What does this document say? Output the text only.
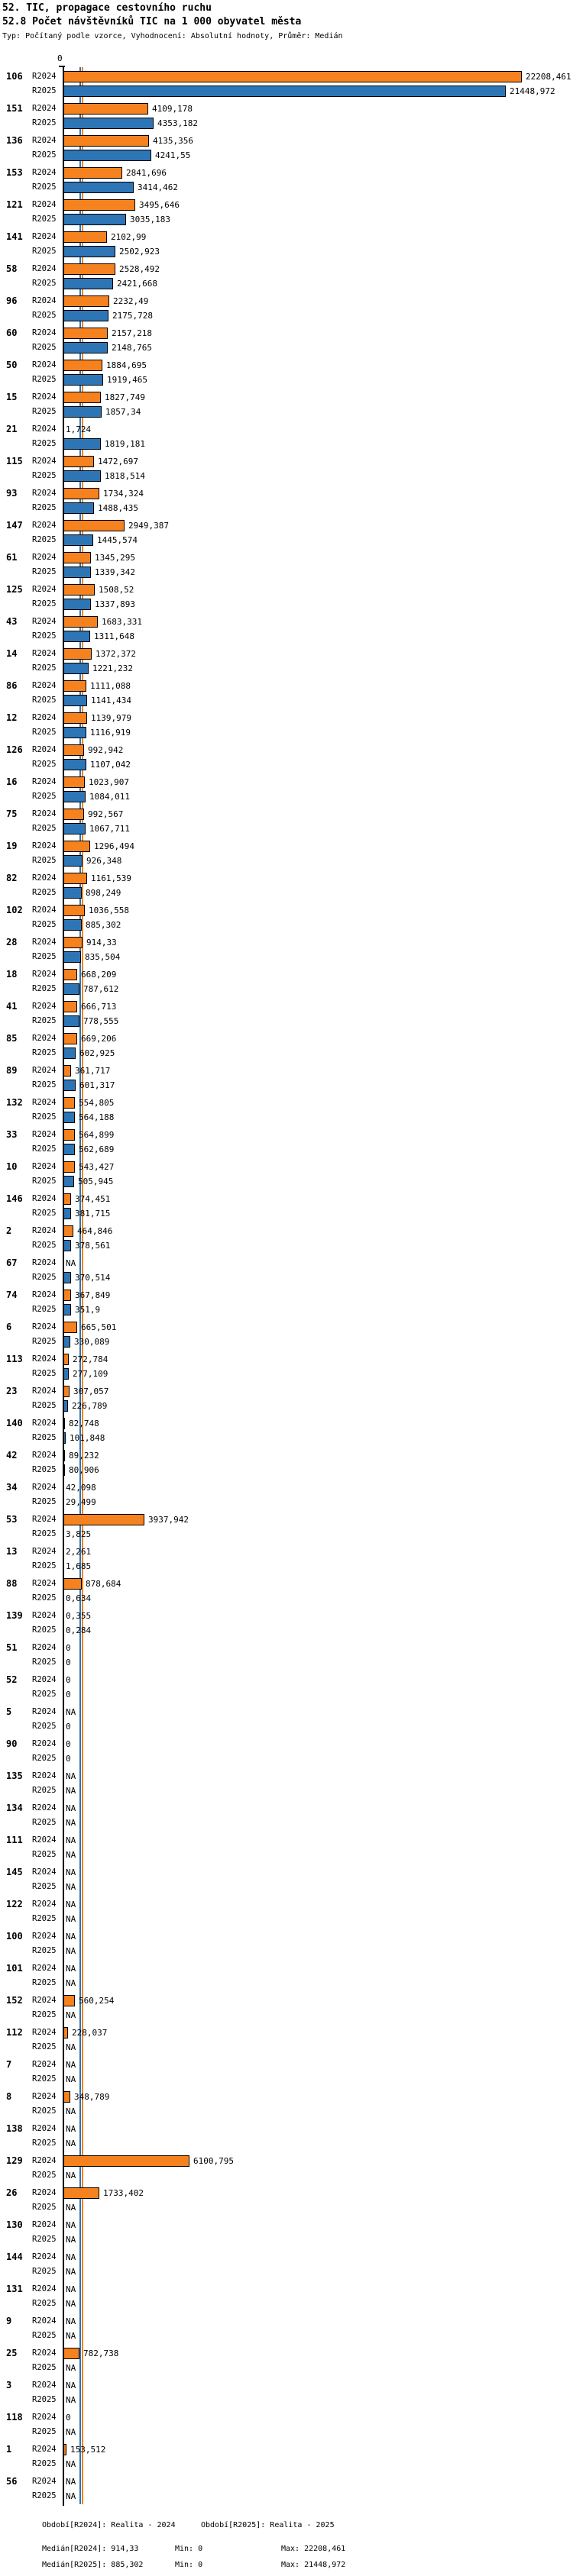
52. TIC, propagace cestovního ruchu
52.8 Počet návštěvníků TIC na 1 000 obyvatel města
Typ: Počítaný podle vzorce, Vyhodnocení: Absolutní hodnoty, Průměr: Medián
0
106	R2024	22208,461
R2025	21448,972
151	R2024	4109,178
R2025	4353,182
136	R2024	4135,356
R2025	4241,55
153	R2024	2841,696
R2025	3414,462
121	R2024	3495,646
R2025	3035,183
141	R2024	2102,99
R2025	2502,923
58	R2024	2528,492
R2025	2421,668
96	R2024	2232,49
R2025	2175,728
60	R2024	2157,218
R2025	2148,765
50	R2024	1884,695
R2025	1919,465
15	R2024	1827,749
R2025	1857,34
21	R2024 1,724
R2025	1819,181
115	R2024	1472,697
R2025	1818,514
93	R2024	1734,324
R2025	1488,435
147	R2024	2949,387
R2025	1445,574
61	R2024	1345,295
R2025	1339,342
125	R2024	1508,52
R2025	1337,893
43	R2024	1683,331
R2025	1311,648
14	R2024	1372,372
R2025	1221,232
86	R2024	1111,088
R2025	1141,434
12	R2024	1139,979
R2025	1116,919
126	R2024	992,942
R2025	1107,042
16	R2024	1023,907
R2025	1084,011
75	R2024	992,567
R2025	1067,711
19	R2024	1296,494
R2025	926,348
82	R2024	1161,539
R2025	898,249
102	R2024	1036,558
R2025	885,302
28	R2024	914,33
R2025	835,504
18	R2024	668,209
R2025	787,612
41	R2024	666,713
R2025	778,555
85	R2024	669,206
R2025	602,925
89	R2024 361,717
R2025	601,317
132	R2024	554,805
R2025	564,188
33	R2024	564,899
R2025	562,689
10	R2024	543,427
R2025	505,945
146	R2024 374,451
R2025 381,715
2	R2024 464,846
R2025 378,561
67	R2024 NA
R2025 370,514
74	R2024 367,849
R2025 351,9
6	R2024	665,501
R2025 330,089
113	R2024 272,784
R2025 277,109
23	R2024 307,057
R2025 226,789
140	R2024 82,748
R2025 101,848
42	R2024 89,232
R2025 80,906
34	R2024 42,098
R2025 29,499
53	R2024	3937,942
R2025 3,825
13	R2024 2,261
R2025 1,685
88	R2024	878,684
R2025 0,634
139	R2024 0,355
R2025 0,284
51	R2024 0
R2025 0
52	R2024 0
R2025 0
5	R2024 NA
R2025 0
90	R2024 0
R2025 0
135	R2024 NA
R2025 NA
134	R2024 NA
R2025 NA
111	R2024 NA
R2025 NA
145	R2024 NA
R2025 NA
122	R2024 NA
R2025 NA
100	R2024 NA
R2025 NA
101	R2024 NA
R2025 NA
152	R2024	560,254
R2025 NA
112	R2024 228,037
R2025 NA
7	R2024 NA
R2025 NA
8	R2024 348,789
R2025 NA
138	R2024 NA
R2025 NA
129	R2024	6100,795
R2025 NA
26	R2024	1733,402
R2025 NA
130	R2024 NA
R2025 NA
144	R2024 NA
R2025 NA
131	R2024 NA
R2025 NA
9	R2024 NA
R2025 NA
25	R2024	782,738
R2025 NA
3	R2024 NA
R2025 NA
118	R2024 0
R2025 NA
1	R2024 153,512
R2025 NA
56	R2024 NA
R2025 NA
Období[R2024]: Realita - 2024	Období[R2025]: Realita - 2025
Medián[R2024]: 914,33	Min: 0	Max: 22208,461
Medián[R2025]: 885,302	Min: 0	Max: 21448,972
